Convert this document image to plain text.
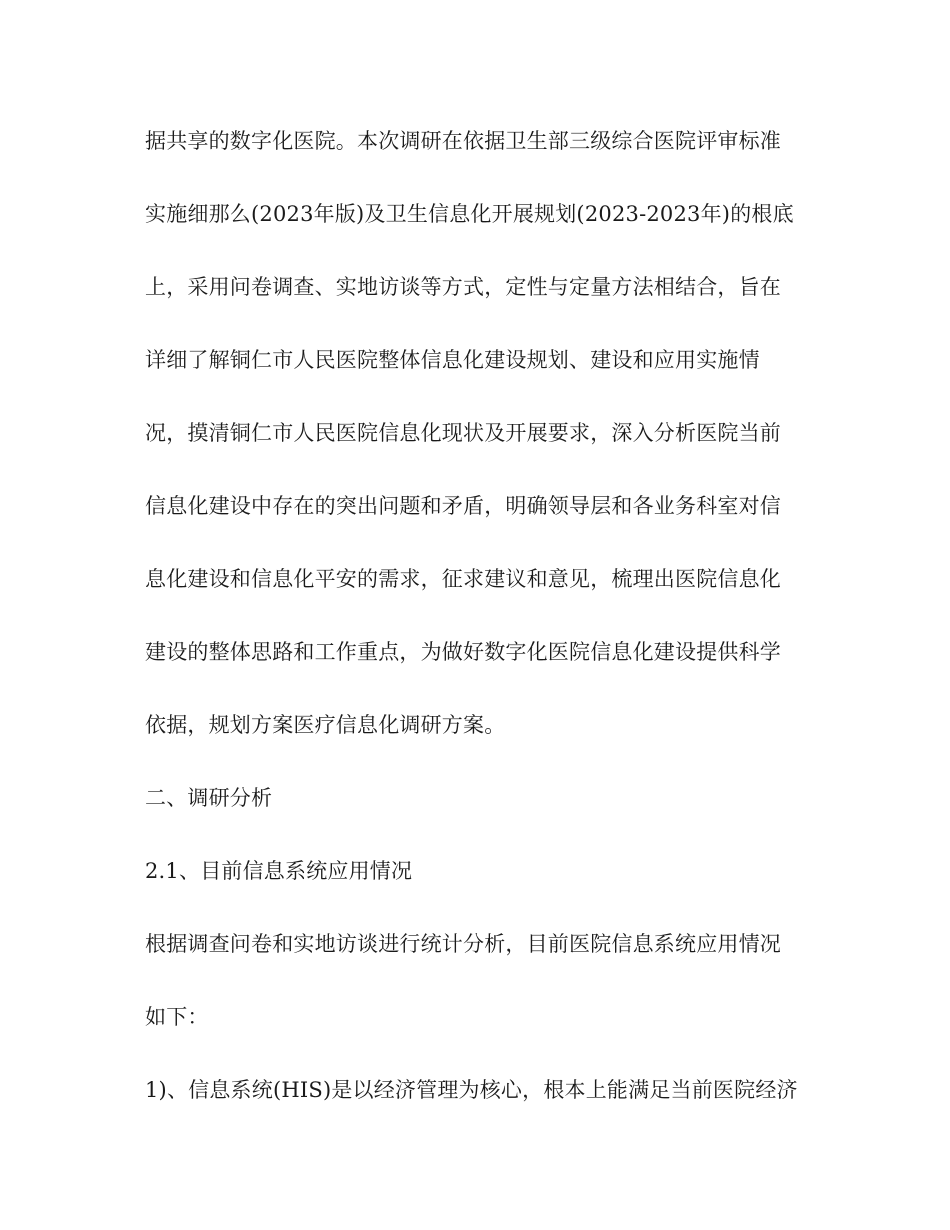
据共享的数字化医院。本次调研在依据卫生部三级综合医院评审标准
实施细那么(2023年版)及卫生信息化开展规划(2023-2023年)的根底
上，采用问卷调查、实地访谈等方式，定性与定量方法相结合，旨在
详细了解铜仁市人民医院整体信息化建设规划、建设和应用实施情
况，摸清铜仁市人民医院信息化现状及开展要求，深入分析医院当前
信息化建设中存在的突出问题和矛盾，明确领导层和各业务科室对信
息化建设和信息化平安的需求，征求建议和意见，梳理出医院信息化
建设的整体思路和工作重点，为做好数字化医院信息化建设提供科学
依据，规划方案医疗信息化调研方案。
二、调研分析
2.1、目前信息系统应用情况
根据调查问卷和实地访谈进行统计分析，目前医院信息系统应用情况
如下：
1)、信息系统(HIS)是以经济管理为核心，根本上能满足当前医院经济
